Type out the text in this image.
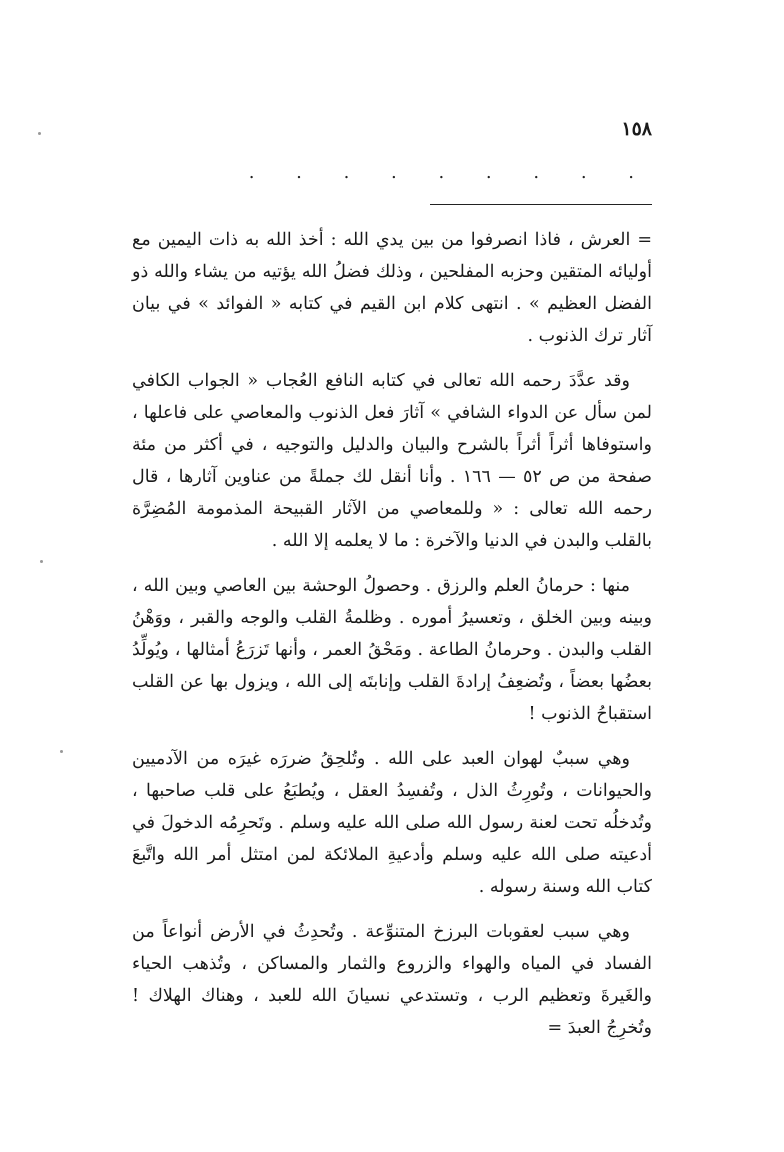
١٥٨
. . . . . . . . .

= العرش ، فاذا انصرفوا من بين يدي الله : أخذ الله به ذات اليمين مع أوليائه المتقين وحزبه المفلحين ، وذلك فضلُ الله يؤتيه من يشاء والله ذو الفضل العظيم » . انتهى كلام ابن القيم في كتابه « الفوائد » في بيان آثار ترك الذنوب .

وقد عدَّدَ رحمه الله تعالى في كتابه النافع العُجاب « الجواب الكافي لمن سأل عن الدواء الشافي » آثارَ فعل الذنوب والمعاصي على فاعلها ، واستوفاها أثراً أثراً بالشرح والبيان والدليل والتوجيه ، في أكثر من مئة صفحة من ص ٥٢ — ١٦٦ . وأنا أنقل لك جملةً من عناوين آثارها ، قال رحمه الله تعالى : « وللمعاصي من الآثار القبيحة المذمومة المُضِرَّة بالقلب والبدن في الدنيا والآخرة : ما لا يعلمه إلا الله .

منها : حرمانُ العلم والرزق . وحصولُ الوحشة بين العاصي وبين الله ، وبينه وبين الخلق ، وتعسيرُ أموره . وظلمةُ القلب والوجه والقبر ، ووَهْنُ القلب والبدن . وحرمانُ الطاعة . ومَحْقُ العمر ، وأنها تَزرَعُ أمثالها ، ويُولِّدُ بعضُها بعضاً ، وتُضعِفُ إرادةَ القلب وإنابتَه إلى الله ، ويزول بها عن القلب استقباحُ الذنوب !

وهي سببٌ لهوان العبد على الله . وتُلحِقُ ضررَه غيرَه من الآدميين والحيوانات ، وتُورِثُ الذل ، وتُفسِدُ العقل ، ويُطبَعُ على قلب صاحبها ، وتُدخلُه تحت لعنة رسول الله صلى الله عليه وسلم . وتَحرِمُه الدخولَ في أدعيته صلى الله عليه وسلم وأدعيةِ الملائكة لمن امتثل أمر الله واتَّبعَ كتاب الله وسنة رسوله .

وهي سبب لعقوبات البرزخ المتنوِّعة . وتُحدِثُ في الأرض أنواعاً من الفساد في المياه والهواء والزروع والثمار والمساكن ، وتُذهب الحياء والغَيرةَ وتعظيم الرب ، وتستدعي نسيانَ الله للعبد ، وهناك الهلاك ! وتُخرِجُ العبدَ =
